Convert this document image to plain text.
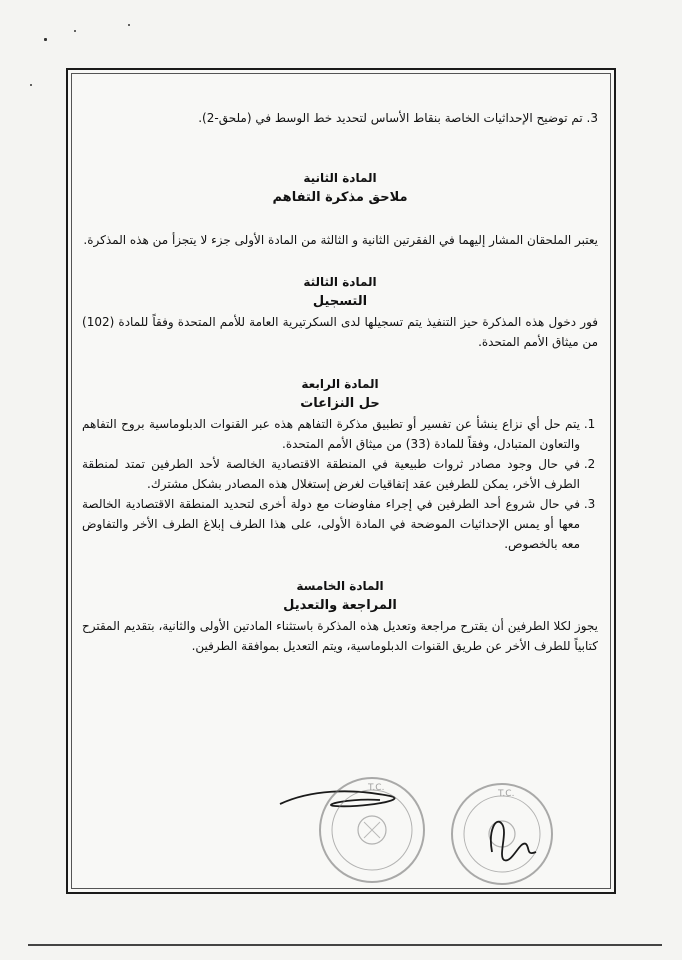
3. تم توضيح الإحداثيات الخاصة بنقاط الأساس لتحديد خط الوسط في (ملحق-2).
المادة الثانية
ملاحق مذكرة التفاهم
يعتبر الملحقان المشار إليهما في الفقرتين الثانية و الثالثة من المادة الأولى جزء لا يتجزأ من هذه المذكرة.
المادة الثالثة
التسجيل
فور دخول هذه المذكرة حيز التنفيذ يتم تسجيلها لدى السكرتيرية العامة للأمم المتحدة وفقاً للمادة (102) من ميثاق الأمم المتحدة.
المادة الرابعة
حل النزاعات
1. يتم حل أي نزاع ينشأ عن تفسير أو تطبيق مذكرة التفاهم هذه عبر القنوات الدبلوماسية بروح التفاهم والتعاون المتبادل، وفقاً للمادة (33) من ميثاق الأمم المتحدة.
2. في حال وجود مصادر ثروات طبيعية في المنطقة الاقتصادية الخالصة لأحد الطرفين تمتد لمنطقة الطرف الأخر، يمكن للطرفين عقد إتفاقيات لغرض إستغلال هذه المصادر بشكل مشترك.
3. في حال شروع أحد الطرفين في إجراء مفاوضات مع دولة أخرى لتحديد المنطقة الاقتصادية الخالصة معها أو يمس الإحداثيات الموضحة في المادة الأولى، على هذا الطرف إبلاغ الطرف الأخر والتفاوض معه بالخصوص.
المادة الخامسة
المراجعة والتعديل
يجوز لكلا الطرفين أن يقترح مراجعة وتعديل هذه المذكرة باستثناء المادتين الأولى والثانية، بتقديم المقترح كتابياً للطرف الأخر عن طريق القنوات الدبلوماسية، ويتم التعديل بموافقة الطرفين.
T.C.
T.C.
